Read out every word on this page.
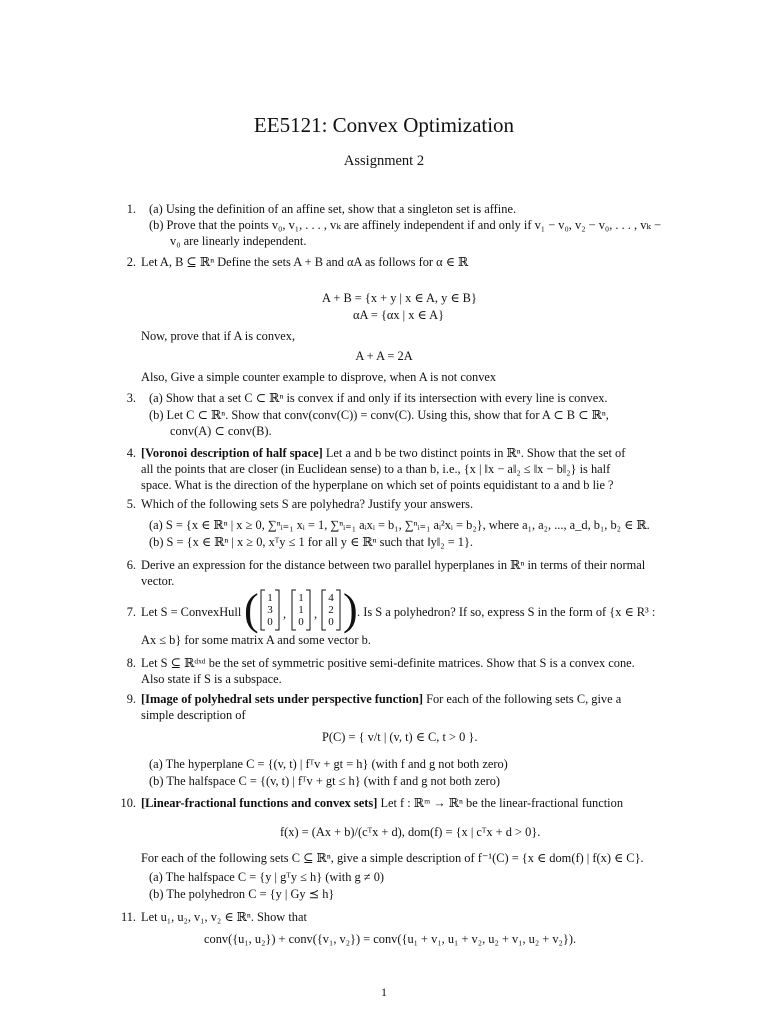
EE5121: Convex Optimization
Assignment 2
1. (a) Using the definition of an affine set, show that a singleton set is affine.
(b) Prove that the points v₀, v₁, . . . , vₖ are affinely independent if and only if v₁ − v₀, v₂ − v₀, . . . , vₖ −
v₀ are linearly independent.
2. Let A, B ⊆ ℝⁿ Define the sets A + B and αA as follows for α ∈ ℝ
A + B = {x + y | x ∈ A, y ∈ B}
αA = {αx | x ∈ A}
Now, prove that if A is convex,
A + A = 2A
Also, Give a simple counter example to disprove, when A is not convex
3. (a) Show that a set C ⊂ ℝⁿ is convex if and only if its intersection with every line is convex.
(b) Let C ⊂ ℝⁿ. Show that conv(conv(C)) = conv(C). Using this, show that for A ⊂ B ⊂ ℝⁿ,
conv(A) ⊂ conv(B).
4. [Voronoi description of half space] Let a and b be two distinct points in ℝⁿ. Show that the set of
all the points that are closer (in Euclidean sense) to a than b, i.e., {x | ‖x − a‖₂ ≤ ‖x − b‖₂} is half
space. What is the direction of the hyperplane on which set of points equidistant to a and b lie ?
5. Which of the following sets S are polyhedra? Justify your answers.
(a) S = {x ∈ ℝⁿ | x ≥ 0, ∑ⁿᵢ₌₁ xᵢ = 1, ∑ⁿᵢ₌₁ aᵢxᵢ = b₁, ∑ⁿᵢ₌₁ aᵢ²xᵢ = b₂}, where a₁, a₂, ..., a_d, b₁, b₂ ∈ ℝ.
(b) S = {x ∈ ℝⁿ | x ≥ 0, xᵀy ≤ 1 for all y ∈ ℝⁿ such that ‖y‖₂ = 1}.
6. Derive an expression for the distance between two parallel hyperplanes in ℝⁿ in terms of their normal
vector.
7. Let S = ConvexHull ( 1
3
0
,
1
1
0
,
4
2
0 ) . Is S a polyhedron? If so, express S in the form of {x ∈ R³ :
Ax ≤ b} for some matrix A and some vector b.
8. Let S ⊆ ℝᵈˣᵈ be the set of symmetric positive semi-definite matrices. Show that S is a convex cone.
Also state if S is a subspace.
9. [Image of polyhedral sets under perspective function] For each of the following sets C, give a
simple description of
P(C) = { v/t | (v, t) ∈ C, t > 0 }.
(a) The hyperplane C = {(v, t) | fᵀv + gt = h} (with f and g not both zero)
(b) The halfspace C = {(v, t) | fᵀv + gt ≤ h} (with f and g not both zero)
10. [Linear-fractional functions and convex sets] Let f : ℝᵐ → ℝⁿ be the linear-fractional function
f(x) = (Ax + b)/(cᵀx + d), dom(f) = {x | cᵀx + d > 0}.
For each of the following sets C ⊆ ℝⁿ, give a simple description of f⁻¹(C) = {x ∈ dom(f) | f(x) ∈ C}.
(a) The halfspace C = {y | gᵀy ≤ h} (with g ≠ 0)
(b) The polyhedron C = {y | Gy ⪯ h}
11. Let u₁, u₂, v₁, v₂ ∈ ℝⁿ. Show that
conv({u₁, u₂}) + conv({v₁, v₂}) = conv({u₁ + v₁, u₁ + v₂, u₂ + v₁, u₂ + v₂}).
1
